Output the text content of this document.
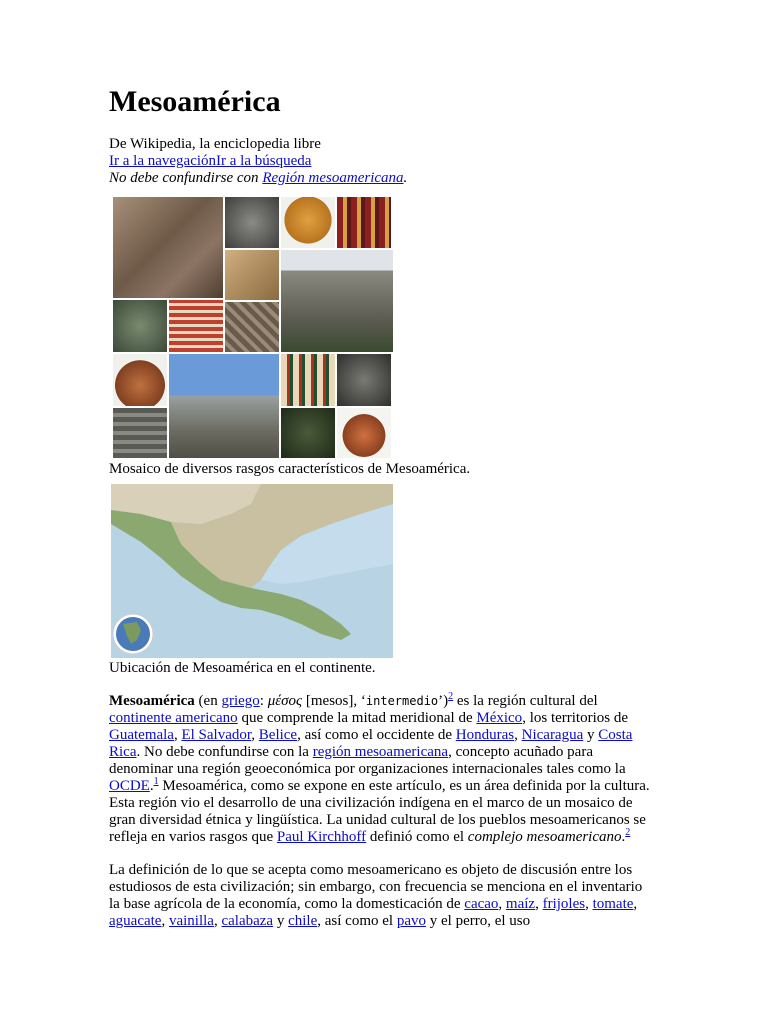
Mesoamérica
De Wikipedia, la enciclopedia libre
Ir a la navegaciónIr a la búsqueda
No debe confundirse con Región mesoamericana.
Mosaico de diversos rasgos característicos de Mesoamérica.
Ubicación de Mesoamérica en el continente.
Mesoamérica (en griego: μέσος [mesos], ‘intermedio’)$^2$ es la región cultural del continente americano que comprende la mitad meridional de México, los territorios de Guatemala, El Salvador, Belice, así como el occidente de Honduras, Nicaragua y Costa Rica. No debe confundirse con la región mesoamericana, concepto acuñado para denominar una región geoeconómica por organizaciones internacionales tales como la OCDE.$^1$ Mesoamérica, como se expone en este artículo, es un área definida por la cultura. Esta región vio el desarrollo de una civilización indígena en el marco de un mosaico de gran diversidad étnica y lingüística. La unidad cultural de los pueblos mesoamericanos se refleja en varios rasgos que Paul Kirchhoff definió como el complejo mesoamericano.$^2$
La definición de lo que se acepta como mesoamericano es objeto de discusión entre los estudiosos de esta civilización; sin embargo, con frecuencia se menciona en el inventario la base agrícola de la economía, como la domesticación de cacao, maíz, frijoles, tomate, aguacate, vainilla, calabaza y chile, así como el pavo y el perro, el uso
